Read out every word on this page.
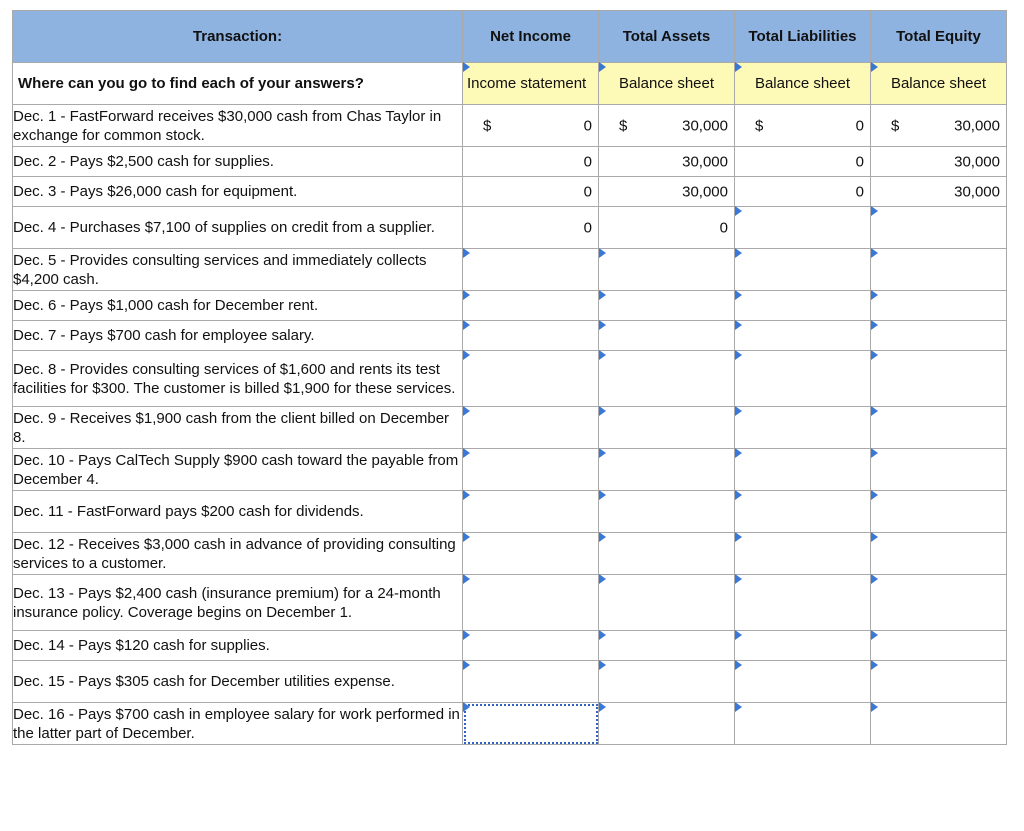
Transaction:	Net Income	Total Assets	Total Liabilities	Total Equity
Where can you go to find each of your answers?	Income statement	Balance sheet	Balance sheet	Balance sheet
Dec. 1 - FastForward receives $30,000 cash from Chas Taylor in exchange for common stock.	$ 0	$ 30,000	$ 0	$ 30,000

Dec. 2 - Pays $2,500 cash for supplies.	0	30,000	0	30,000

Dec. 3 - Pays $26,000 cash for equipment.	0	30,000	0	30,000

Dec. 4 - Purchases $7,100 of supplies on credit from a supplier.	0	0		

Dec. 5 - Provides consulting services and immediately collects $4,200 cash.	

Dec. 6 - Pays $1,000 cash for December rent.	

Dec. 7 - Pays $700 cash for employee salary.	

Dec. 8 - Provides consulting services of $1,600 and rents its test facilities for $300. The customer is billed $1,900 for these services.	

Dec. 9 - Receives $1,900 cash from the client billed on December 8.	

Dec. 10 - Pays CalTech Supply $900 cash toward the payable from December 4.	

Dec. 11 - FastForward pays $200 cash for dividends.	

Dec. 12 - Receives $3,000 cash in advance of providing consulting services to a customer.	

Dec. 13 - Pays $2,400 cash (insurance premium) for a 24-month insurance policy. Coverage begins on December 1.	

Dec. 14 - Pays $120 cash for supplies.	

Dec. 15 - Pays $305 cash for December utilities expense.	

Dec. 16 - Pays $700 cash in employee salary for work performed in the latter part of December.	
